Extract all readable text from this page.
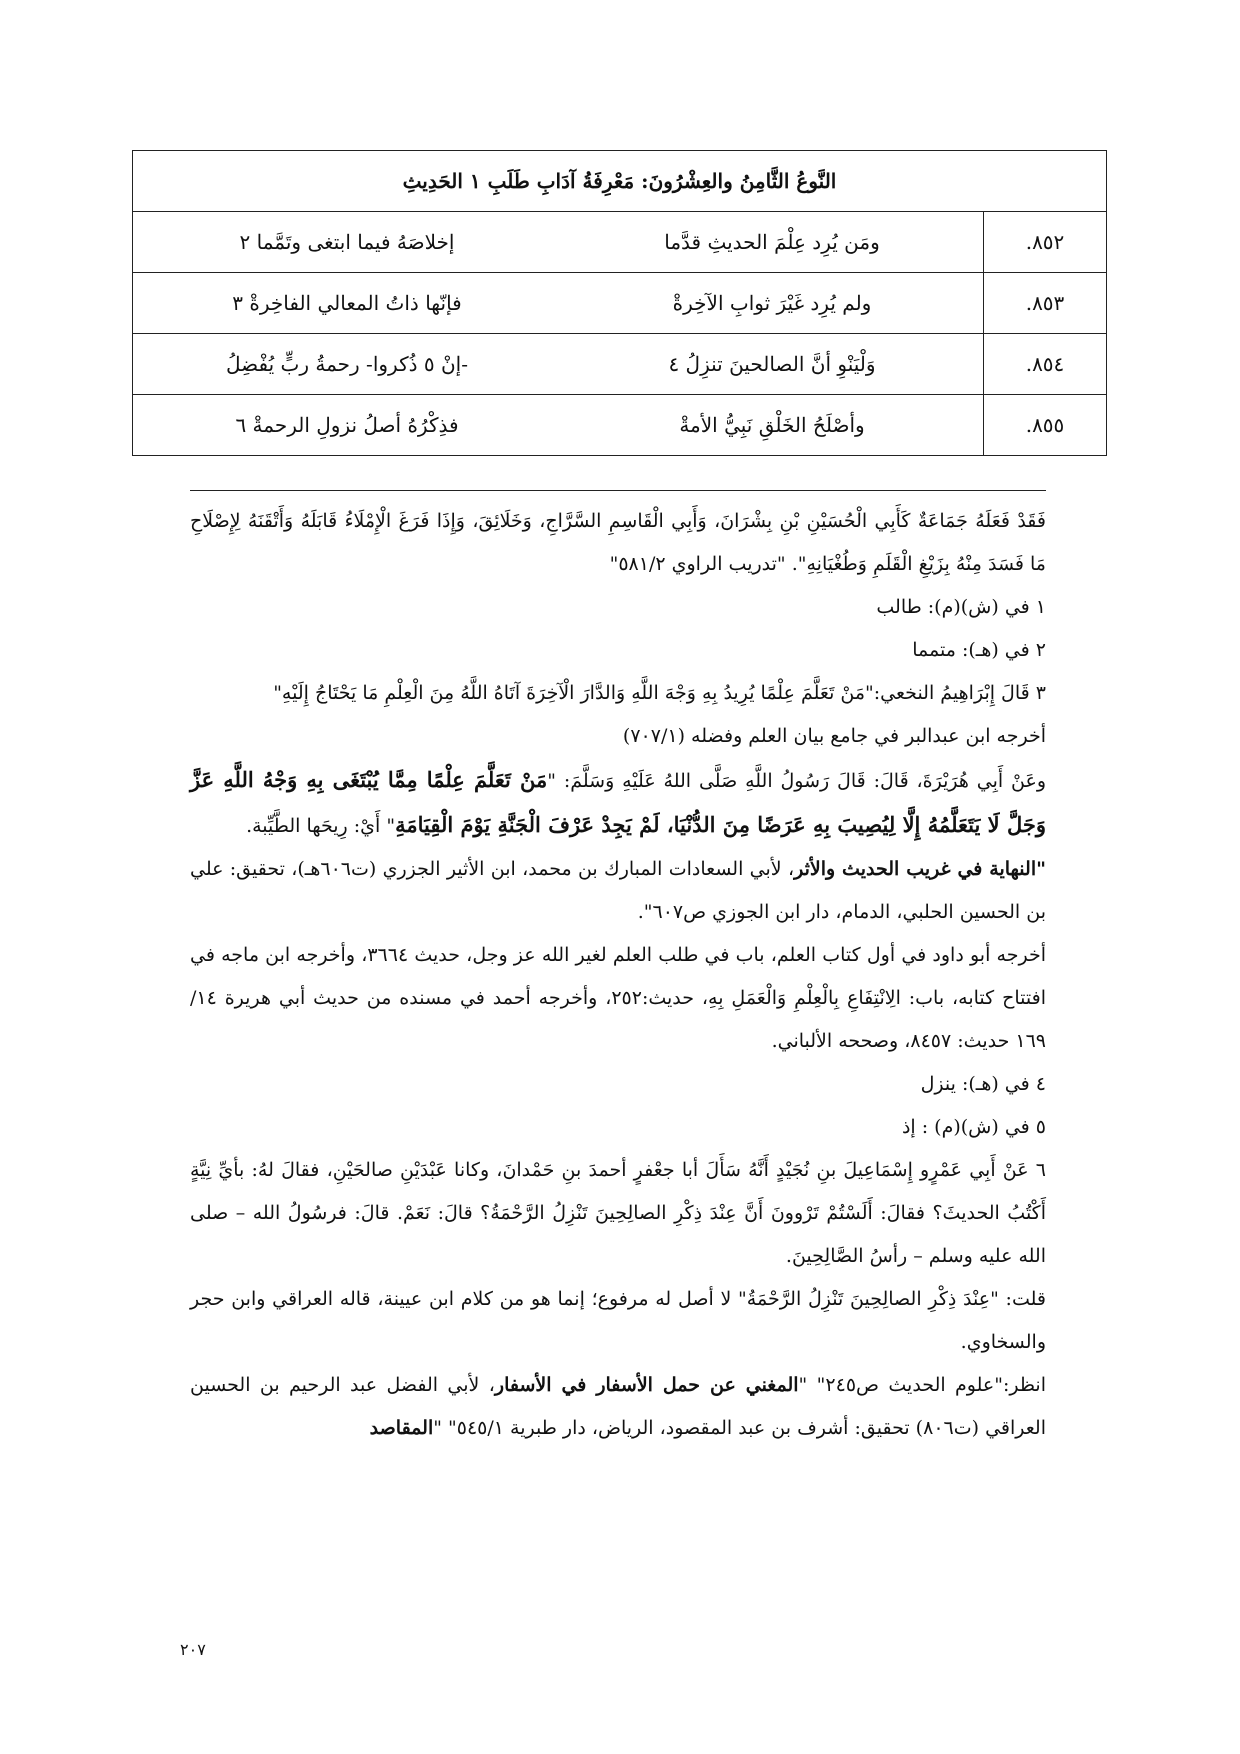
النَّوعُ الثَّامِنُ والعِشْرُونَ: مَعْرِفَةُ آدَابِ طَلَبِ ١ الحَدِيثِ		
٨٥٢.	ومَن يُرِد عِلْمَ الحديثِ قدَّما	إخلاصَهُ فيما ابتغى وتَمَّما ٢
٨٥٣.	ولم يُرِد غَيْرَ ثوابِ الآخِرةْ	فإنّها ذاتُ المعالي الفاخِرةْ ٣
٨٥٤.	وَلْيَنْوِ أنَّ الصالحينَ تنزِلُ ٤	-إنْ ٥ ذُكروا- رحمةُ ربٍّ يُفْضِلُ
٨٥٥.	وأصْلَحُ الخَلْقِ نَبِيُّ الأمةْ	فذِكْرُهُ أصلُ نزولِ الرحمةْ ٦

فَقَدْ فَعَلَهُ جَمَاعَةٌ كَأَبِي الْحُسَيْنِ بْنِ بِشْرَانَ، وَأَبِي الْقَاسِمِ السَّرَّاجِ، وَخَلَائِقَ، وَإِذَا فَرَغَ الْإِمْلَاءُ قَابَلَهُ وَأَتْقَنَهُ لِإِصْلَاحِ مَا فَسَدَ مِنْهُ بِزَيْغِ الْقَلَمِ وَطُغْيَانِهِ". "تدريب الراوي ٥٨١/٢"

١ في (ش)(م): طالب

٢ في (هـ): متمما

٣ قَالَ إِبْرَاهِيمُ النخعي:"مَنْ تَعَلَّمَ عِلْمًا يُرِيدُ بِهِ وَجْهَ اللَّهِ وَالدَّارَ الْآخِرَةَ آتَاهُ اللَّهُ مِنَ الْعِلْمِ مَا يَحْتَاجُ إِلَيْهِ"

أخرجه ابن عبدالبر في جامع بيان العلم وفضله (٧٠٧/١)

وعَنْ أَبِي هُرَيْرَةَ، قَالَ: قَالَ رَسُولُ اللَّهِ صَلَّى اللهُ عَلَيْهِ وَسَلَّمَ: "مَنْ تَعَلَّمَ عِلْمًا مِمَّا يُبْتَغَى بِهِ وَجْهُ اللَّهِ عَزَّ وَجَلَّ لَا يَتَعَلَّمُهُ إِلَّا لِيُصِيبَ بِهِ عَرَضًا مِنَ الدُّنْيَا، لَمْ يَجِدْ عَرْفَ الْجَنَّةِ يَوْمَ الْقِيَامَةِ" أَيْ: رِيحَها الطَّيِّبة.

"النهاية في غريب الحديث والأثر، لأبي السعادات المبارك بن محمد، ابن الأثير الجزري (ت٦٠٦هـ)، تحقيق: علي بن الحسين الحلبي، الدمام، دار ابن الجوزي ص٦٠٧".

أخرجه أبو داود في أول كتاب العلم، باب في طلب العلم لغير الله عز وجل، حديث ٣٦٦٤، وأخرجه ابن ماجه في افتتاح كتابه، باب: الِانْتِفَاعِ بِالْعِلْمِ وَالْعَمَلِ بِهِ، حديث:٢٥٢، وأخرجه أحمد في مسنده من حديث أبي هريرة ١٤/ ١٦٩ حديث: ٨٤٥٧، وصححه الألباني.

٤ في (هـ): ينزل

٥ في (ش)(م) : إذ

٦ عَنْ أَبِي عَمْرٍو إِسْمَاعِيلَ بنِ نُجَيْدٍ أَنَّهُ سَأَلَ أبا جعْفرٍ أحمدَ بنِ حَمْدانَ، وكانا عَبْدَيْنِ صالحَيْنِ، فقالَ لهُ: بأيِّ نِيَّةٍ أَكْتُبُ الحديثَ؟ فقالَ: أَلَسْتُمْ تَرْوونَ أَنَّ عِنْدَ ذِكْرِ الصالِحِينَ تَنْزِلُ الرَّحْمَةُ؟ قالَ: نَعَمْ. قالَ: فرسُولُ الله – صلى الله عليه وسلم – رأسُ الصَّالِحِينَ.

قلت: "عِنْدَ ذِكْرِ الصالِحِينَ تَنْزِلُ الرَّحْمَةُ" لا أصل له مرفوع؛ إنما هو من كلام ابن عيينة، قاله العراقي وابن حجر والسخاوي.

انظر:"علوم الحديث ص٢٤٥" "المغني عن حمل الأسفار في الأسفار، لأبي الفضل عبد الرحيم بن الحسين العراقي (ت٨٠٦) تحقيق: أشرف بن عبد المقصود، الرياض، دار طبرية ٥٤٥/١" "المقاصد

٢٠٧
